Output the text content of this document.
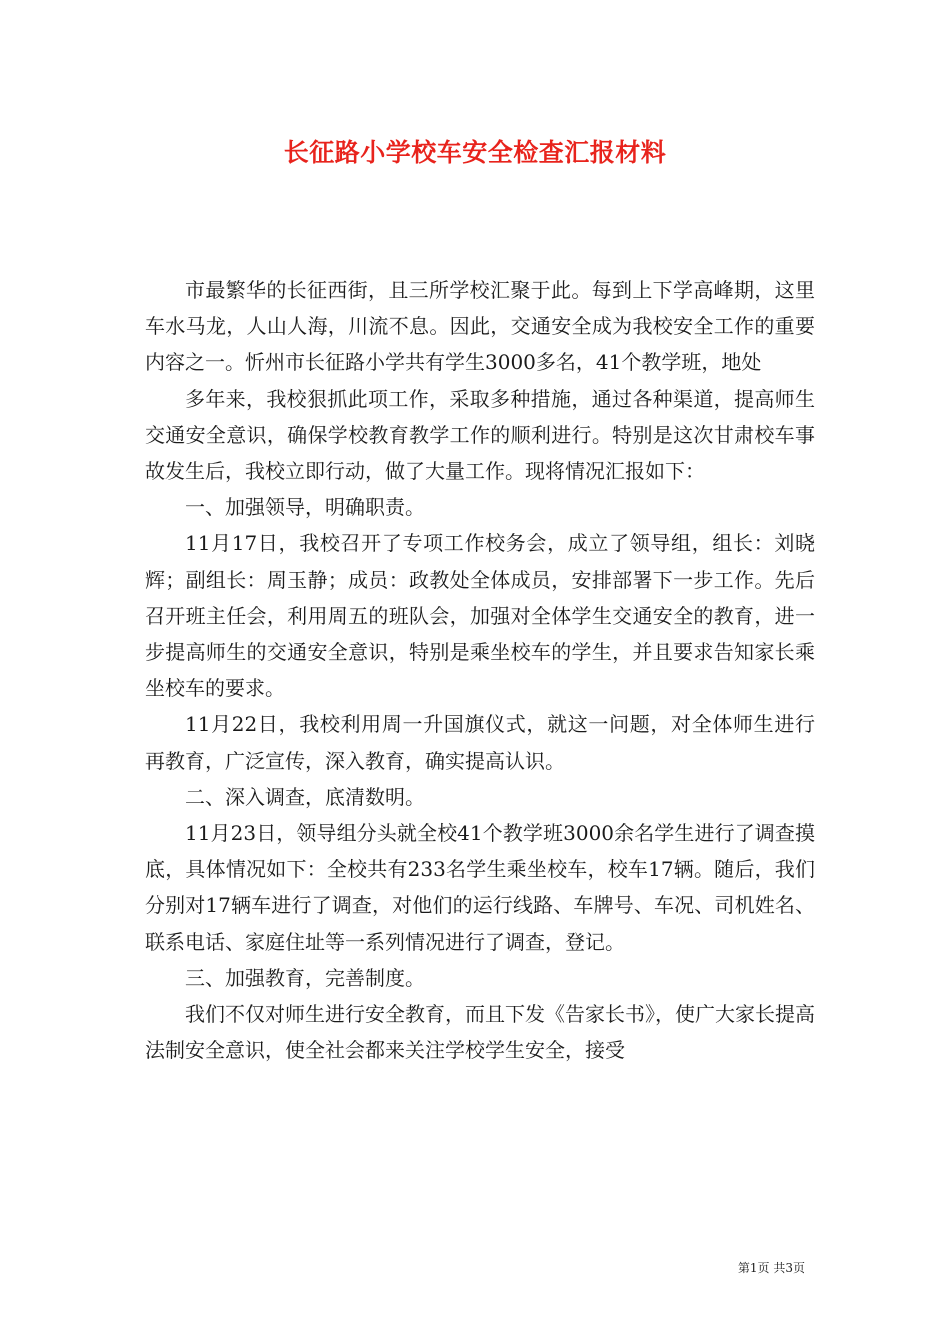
长征路小学校车安全检查汇报材料

市最繁华的长征西街，且三所学校汇聚于此。每到上下学高峰期，这里车水马龙，人山人海，川流不息。因此，交通安全成为我校安全工作的重要内容之一。忻州市长征路小学共有学生3000多名，41个教学班，地处

多年来，我校狠抓此项工作，采取多种措施，通过各种渠道，提高师生交通安全意识，确保学校教育教学工作的顺利进行。特别是这次甘肃校车事故发生后，我校立即行动，做了大量工作。现将情况汇报如下：

一、加强领导，明确职责。

11月17日，我校召开了专项工作校务会，成立了领导组，组长：刘晓辉；副组长：周玉静；成员：政教处全体成员，安排部署下一步工作。先后召开班主任会，利用周五的班队会，加强对全体学生交通安全的教育，进一步提高师生的交通安全意识，特别是乘坐校车的学生，并且要求告知家长乘坐校车的要求。

11月22日，我校利用周一升国旗仪式，就这一问题，对全体师生进行再教育，广泛宣传，深入教育，确实提高认识。

二、深入调查，底清数明。

11月23日，领导组分头就全校41个教学班3000余名学生进行了调查摸底，具体情况如下：全校共有233名学生乘坐校车，校车17辆。随后，我们分别对17辆车进行了调查，对他们的运行线路、车牌号、车况、司机姓名、联系电话、家庭住址等一系列情况进行了调查，登记。

三、加强教育，完善制度。

我们不仅对师生进行安全教育，而且下发《告家长书》，使广大家长提高法制安全意识，使全社会都来关注学校学生安全，接受

第1页 共3页
